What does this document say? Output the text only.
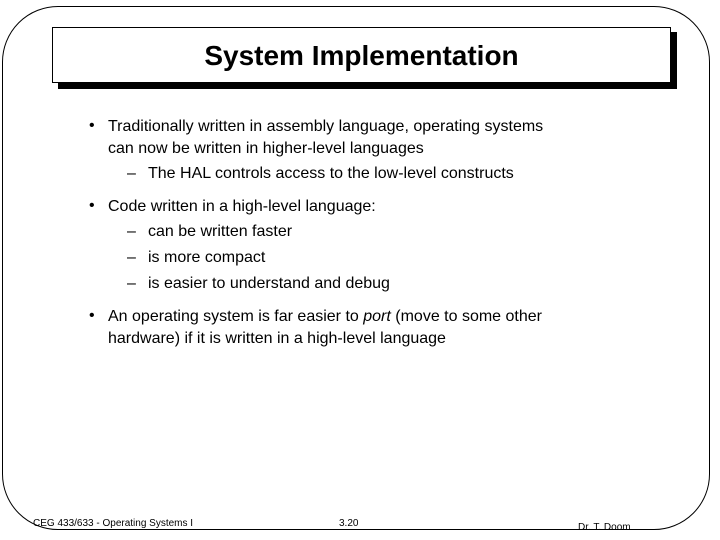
System Implementation
• Traditionally written in assembly language, operating systems
can now be written in higher-level languages
– The HAL controls access to the low-level constructs
• Code written in a high-level language:
– can be written faster
– is more compact
– is easier to understand and debug
• An operating system is far easier to port (move to some other
hardware) if it is written in a high-level language
CEG 433/633 - Operating Systems I	3.20	Dr. T. Doom
